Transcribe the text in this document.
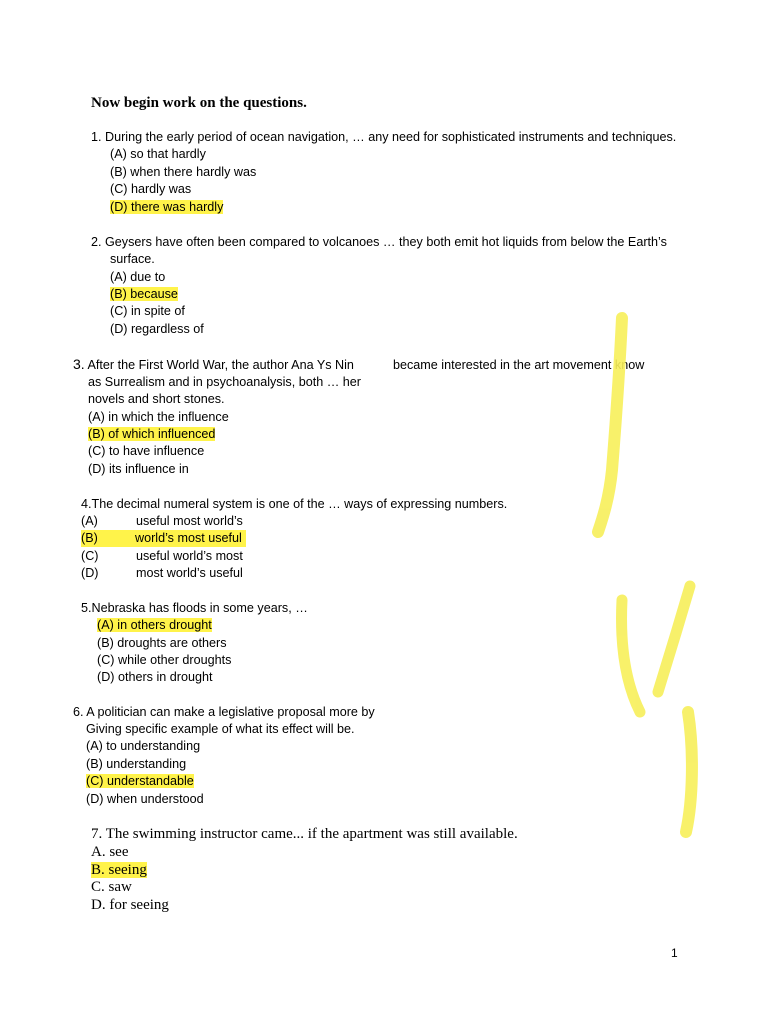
Now begin work on the questions.
1. During the early period of ocean navigation, … any need for sophisticated instruments and techniques.
(A) so that hardly
(B) when there hardly was
(C) hardly was
(D) there was hardly
2. Geysers have often been compared to volcanoes … they both emit hot liquids from below the Earth’s
surface.
(A) due to
(B) because
(C) in spite of
(D) regardless of
3. After the First World War, the author Ana Ys Nin	became interested in the art movement know
as Surrealism and in psychoanalysis, both … her
novels and short stones.
(A) in which the influence
(B) of which influenced
(C) to have influence
(D) its influence in
4.The decimal numeral system is one of the … ways of expressing numbers.
(A)	useful most world’s
(B)	world’s most useful
(C)	useful world’s most
(D)	most world’s useful
5.Nebraska has floods in some years, …
(A) in others drought
(B) droughts are others
(C) while other droughts
(D) others in drought
6. A politician can make a legislative proposal more by
Giving specific example of what its effect will be.
(A) to understanding
(B) understanding
(C) understandable
(D) when understood
7. The swimming instructor came... if the apartment was still available.
A. see
B. seeing
C. saw
D. for seeing
1
